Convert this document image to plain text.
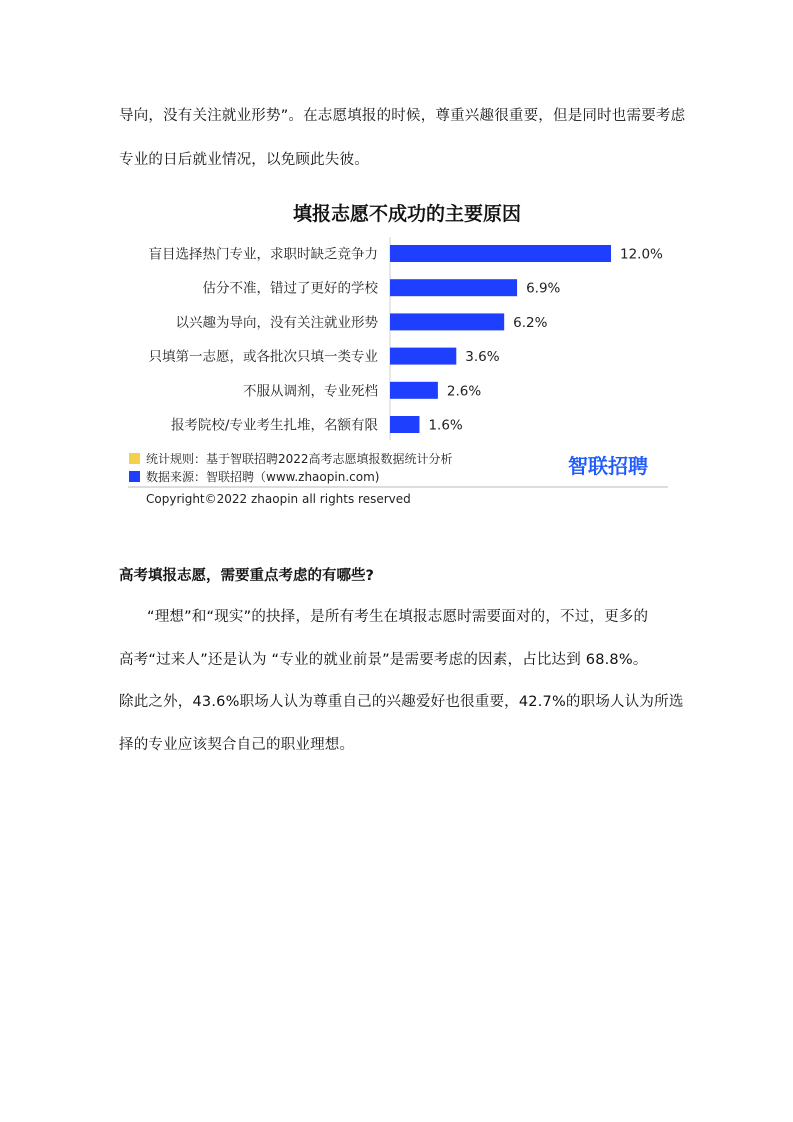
导向，没有关注就业形势”。在志愿填报的时候，尊重兴趣很重要，但是同时也需要考虑
专业的日后就业情况，以免顾此失彼。
填报志愿不成功的主要原因
盲目选择热门专业，求职时缺乏竞争力	12.0%
估分不准，错过了更好的学校	6.9%
以兴趣为导向，没有关注就业形势	6.2%
只填第一志愿，或各批次只填一类专业	3.6%
不服从调剂，专业死档	2.6%
报考院校/专业考生扎堆，名额有限	1.6%
统计规则：基于智联招聘2022高考志愿填报数据统计分析
数据来源：智联招聘（www.zhaopin.com)	智联招聘
Copyright©2022 zhaopin all rights reserved
高考填报志愿，需要重点考虑的有哪些?
“理想”和“现实”的抉择，是所有考生在填报志愿时需要面对的，不过，更多的
高考“过来人”还是认为 “专业的就业前景”是需要考虑的因素，占比达到 68.8%。
除此之外，43.6%职场人认为尊重自己的兴趣爱好也很重要，42.7%的职场人认为所选
择的专业应该契合自己的职业理想。
